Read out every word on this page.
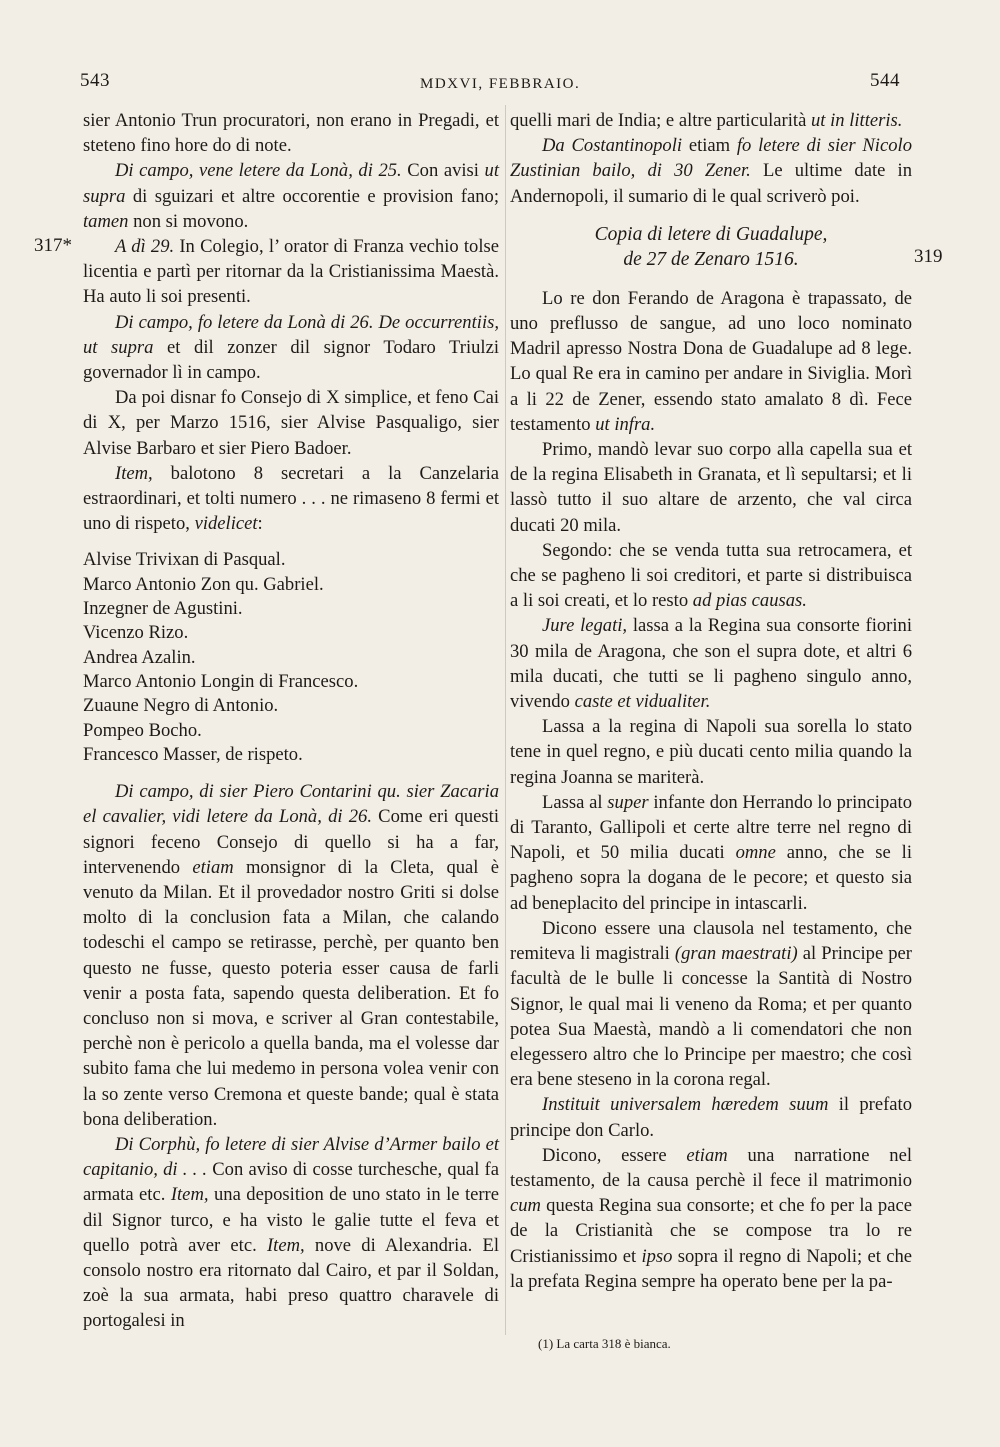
543	MDXVI, FEBBRAIO.	544
317*
319

sier Antonio Trun procuratori, non erano in Pregadi, et steteno fino hore do di note.

Di campo, vene letere da Lonà, di 25. Con avisi ut supra di sguizari et altre occorentie e provision fano; tamen non si movono.

A dì 29. In Colegio, l’ orator di Franza vechio tolse licentia e partì per ritornar da la Cristianissima Maestà. Ha auto li soi presenti.

Di campo, fo letere da Lonà di 26. De occurrentiis, ut supra et dil zonzer dil signor Todaro Triulzi governador lì in campo.

Da poi disnar fo Consejo di X simplice, et feno Cai di X, per Marzo 1516, sier Alvise Pasqualigo, sier Alvise Barbaro et sier Piero Badoer.

Item, balotono 8 secretari a la Canzelaria estraordinari, et tolti numero . . . ne rimaseno 8 fermi et uno di rispeto, videlicet:

Alvise Trivixan di Pasqual.
Marco Antonio Zon qu. Gabriel.
Inzegner de Agustini.
Vicenzo Rizo.
Andrea Azalin.
Marco Antonio Longin di Francesco.
Zuaune Negro di Antonio.
Pompeo Bocho.
Francesco Masser, de rispeto.

Di campo, di sier Piero Contarini qu. sier Zacaria el cavalier, vidi letere da Lonà, di 26. Come eri questi signori feceno Consejo di quello si ha a far, intervenendo etiam monsignor di la Cleta, qual è venuto da Milan. Et il provedador nostro Griti si dolse molto di la conclusion fata a Milan, che calando todeschi el campo se retirasse, perchè, per quanto ben questo ne fusse, questo poteria esser causa de farli venir a posta fata, sapendo questa deliberation. Et fo concluso non si mova, e scriver al Gran contestabile, perchè non è pericolo a quella banda, ma el volesse dar subito fama che lui medemo in persona volea venir con la so zente verso Cremona et queste bande; qual è stata bona deliberation.

Di Corphù, fo letere di sier Alvise d’Armer bailo et capitanio, di . . . Con aviso di cosse turchesche, qual fa armata etc. Item, una deposition de uno stato in le terre dil Signor turco, e ha visto le galie tutte el feva et quello potrà aver etc. Item, nove di Alexandria. El consolo nostro era ritornato dal Cairo, et par il Soldan, zoè la sua armata, habi preso quattro charavele di portogalesi in

quelli mari de India; e altre particularità ut in litteris.

Da Costantinopoli etiam fo letere di sier Nicolo Zustinian bailo, di 30 Zener. Le ultime date in Andernopoli, il sumario di le qual scriverò poi.

Copia di letere di Guadalupe,
de 27 de Zenaro 1516.

Lo re don Ferando de Aragona è trapassato, de uno preflusso de sangue, ad uno loco nominato Madril apresso Nostra Dona de Guadalupe ad 8 lege. Lo qual Re era in camino per andare in Siviglia. Morì a li 22 de Zener, essendo stato amalato 8 dì. Fece testamento ut infra.

Primo, mandò levar suo corpo alla capella sua et de la regina Elisabeth in Granata, et lì sepultarsi; et li lassò tutto il suo altare de arzento, che val circa ducati 20 mila.

Segondo: che se venda tutta sua retrocamera, et che se pagheno li soi creditori, et parte si distribuisca a li soi creati, et lo resto ad pias causas.

Jure legati, lassa a la Regina sua consorte fiorini 30 mila de Aragona, che son el supra dote, et altri 6 mila ducati, che tutti se li pagheno singulo anno, vivendo caste et vidualiter.

Lassa a la regina di Napoli sua sorella lo stato tene in quel regno, e più ducati cento milia quando la regina Joanna se mariterà.

Lassa al super infante don Herrando lo principato di Taranto, Gallipoli et certe altre terre nel regno di Napoli, et 50 milia ducati omne anno, che se li pagheno sopra la dogana de le pecore; et questo sia ad beneplacito del principe in intascarli.

Dicono essere una clausola nel testamento, che remiteva li magistrali (gran maestrati) al Principe per facultà de le bulle li concesse la Santità di Nostro Signor, le qual mai li veneno da Roma; et per quanto potea Sua Maestà, mandò a li comendatori che non elegessero altro che lo Principe per maestro; che così era bene steseno in la corona regal.

Instituit universalem hæredem suum il prefato principe don Carlo.

Dicono, essere etiam una narratione nel testamento, de la causa perchè il fece il matrimonio cum questa Regina sua consorte; et che fo per la pace de la Cristianità che se compose tra lo re Cristianissimo et ipso sopra il regno di Napoli; et che la prefata Regina sempre ha operato bene per la pa-

(1) La carta 318 è bianca.
